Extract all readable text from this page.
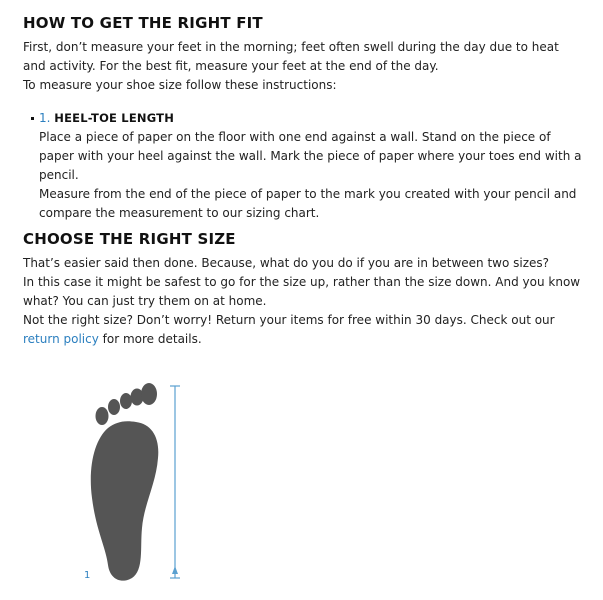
HOW TO GET THE RIGHT FIT

First, don’t measure your feet in the morning; feet often swell during the day due to heat and activity. For the best fit, measure your feet at the end of the day.

To measure your shoe size follow these instructions:

1. HEEL-TOE LENGTH

Place a piece of paper on the floor with one end against a wall. Stand on the piece of paper with your heel against the wall. Mark the piece of paper where your toes end with a pencil.

Measure from the end of the piece of paper to the mark you created with your pencil and compare the measurement to our sizing chart.

CHOOSE THE RIGHT SIZE

That’s easier said then done. Because, what do you do if you are in between two sizes?

In this case it might be safest to go for the size up, rather than the size down. And you know what? You can just try them on at home.

Not the right size? Don’t worry! Return your items for free within 30 days. Check out our return policy for more details.

1
